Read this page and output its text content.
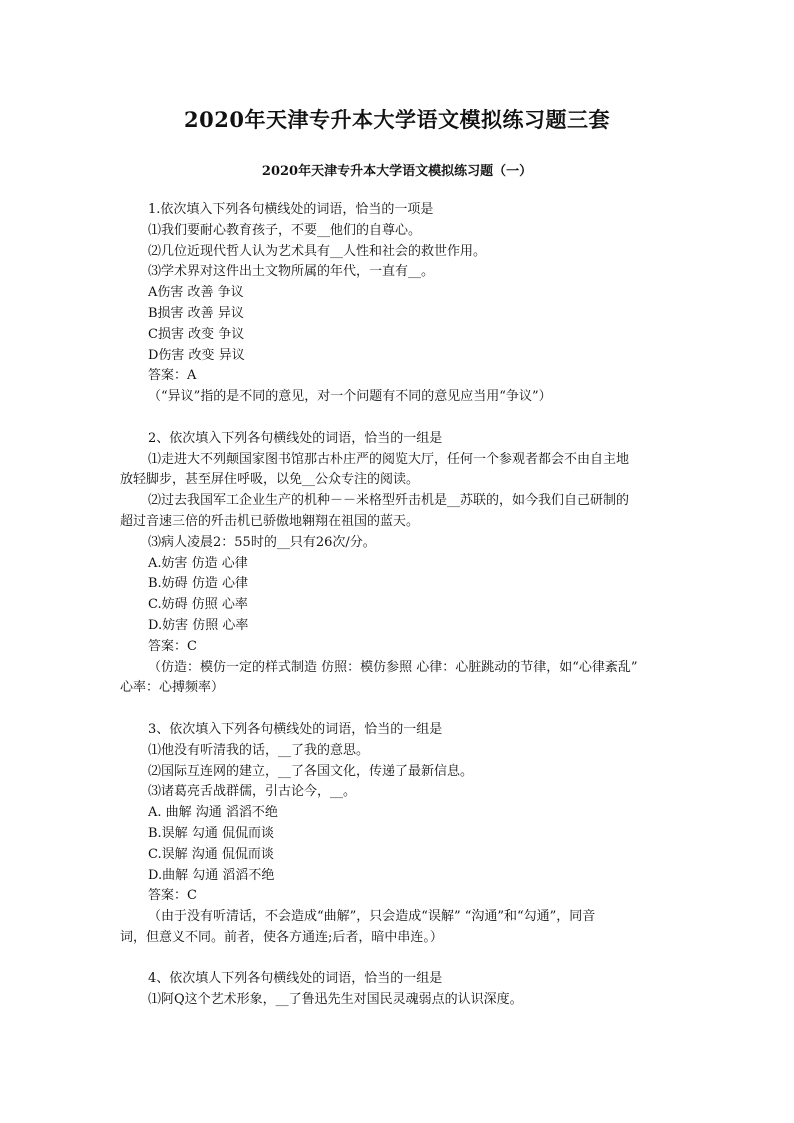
2020年天津专升本大学语文模拟练习题三套
2020年天津专升本大学语文模拟练习题（一）
1.依次填入下列各句横线处的词语，恰当的一项是
⑴我们要耐心教育孩子，不要__他们的自尊心。
⑵几位近现代哲人认为艺术具有__人性和社会的救世作用。
⑶学术界对这件出土文物所属的年代，一直有__。
A伤害 改善 争议
B损害 改善 异议
C损害 改变 争议
D伤害 改变 异议
答案：A
（“异议”指的是不同的意见，对一个问题有不同的意见应当用“争议”）
2、依次填入下列各句横线处的词语，恰当的一组是
⑴走进大不列颠国家图书馆那古朴庄严的阅览大厅，任何一个参观者都会不由自主地
放轻脚步，甚至屏住呼吸，以免__公众专注的阅读。
⑵过去我国军工企业生产的机种－－米格型歼击机是__苏联的，如今我们自己研制的
超过音速三倍的歼击机已骄傲地翱翔在祖国的蓝天。
⑶病人凌晨2：55时的__只有26次/分。
A.妨害 仿造 心律
B.妨碍 仿造 心律
C.妨碍 仿照 心率
D.妨害 仿照 心率
答案：C
（仿造：模仿一定的样式制造 仿照：模仿参照 心律：心脏跳动的节律，如“心律紊乱”
心率：心搏频率）
3、依次填入下列各句横线处的词语，恰当的一组是
⑴他没有听清我的话，__了我的意思。
⑵国际互连网的建立，__了各国文化，传递了最新信息。
⑶诸葛亮舌战群儒，引古论今，__。
A. 曲解 沟通 滔滔不绝
B.误解 勾通 侃侃而谈
C.误解 沟通 侃侃而谈
D.曲解 勾通 滔滔不绝
答案：C
（由于没有听清话，不会造成“曲解”，只会造成“误解” “沟通”和“勾通”，同音
词，但意义不同。前者，使各方通连;后者，暗中串连。）
4、依次填人下列各句横线处的词语，恰当的一组是
⑴阿Q这个艺术形象，__了鲁迅先生对国民灵魂弱点的认识深度。
